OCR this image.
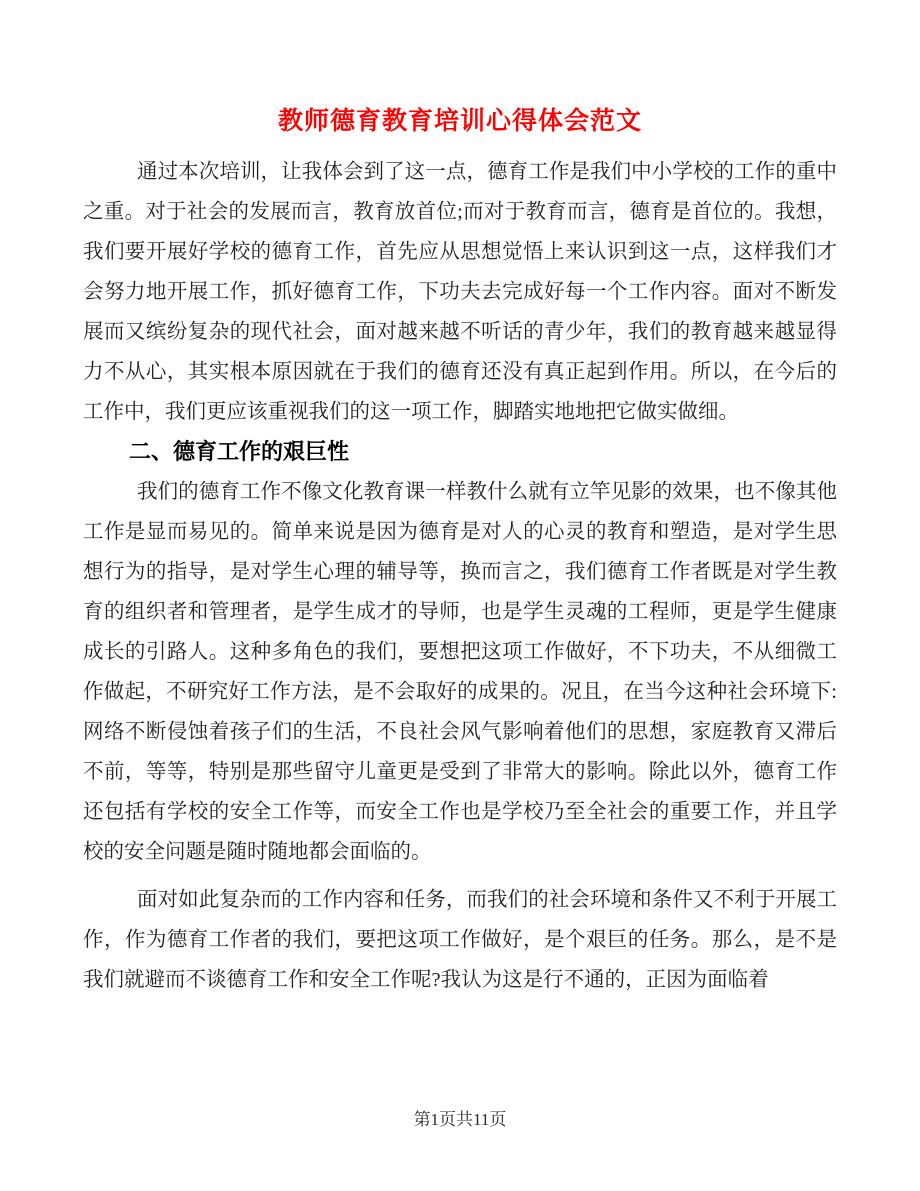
教师德育教育培训心得体会范文

通过本次培训，让我体会到了这一点，德育工作是我们中小学校的工作的重中之重。对于社会的发展而言，教育放首位;而对于教育而言，德育是首位的。我想，我们要开展好学校的德育工作，首先应从思想觉悟上来认识到这一点，这样我们才会努力地开展工作，抓好德育工作，下功夫去完成好每一个工作内容。面对不断发展而又缤纷复杂的现代社会，面对越来越不听话的青少年，我们的教育越来越显得力不从心，其实根本原因就在于我们的德育还没有真正起到作用。所以，在今后的工作中，我们更应该重视我们的这一项工作，脚踏实地地把它做实做细。

二、德育工作的艰巨性

我们的德育工作不像文化教育课一样教什么就有立竿见影的效果，也不像其他工作是显而易见的。简单来说是因为德育是对人的心灵的教育和塑造，是对学生思想行为的指导，是对学生心理的辅导等，换而言之，我们德育工作者既是对学生教育的组织者和管理者，是学生成才的导师，也是学生灵魂的工程师，更是学生健康成长的引路人。这种多角色的我们，要想把这项工作做好，不下功夫，不从细微工作做起，不研究好工作方法，是不会取好的成果的。况且，在当今这种社会环境下:网络不断侵蚀着孩子们的生活，不良社会风气影响着他们的思想，家庭教育又滞后不前，等等，特别是那些留守儿童更是受到了非常大的影响。除此以外，德育工作还包括有学校的安全工作等，而安全工作也是学校乃至全社会的重要工作，并且学校的安全问题是随时随地都会面临的。

面对如此复杂而的工作内容和任务，而我们的社会环境和条件又不利于开展工作，作为德育工作者的我们，要把这项工作做好，是个艰巨的任务。那么，是不是我们就避而不谈德育工作和安全工作呢?我认为这是行不通的，正因为面临着

第1页共11页
